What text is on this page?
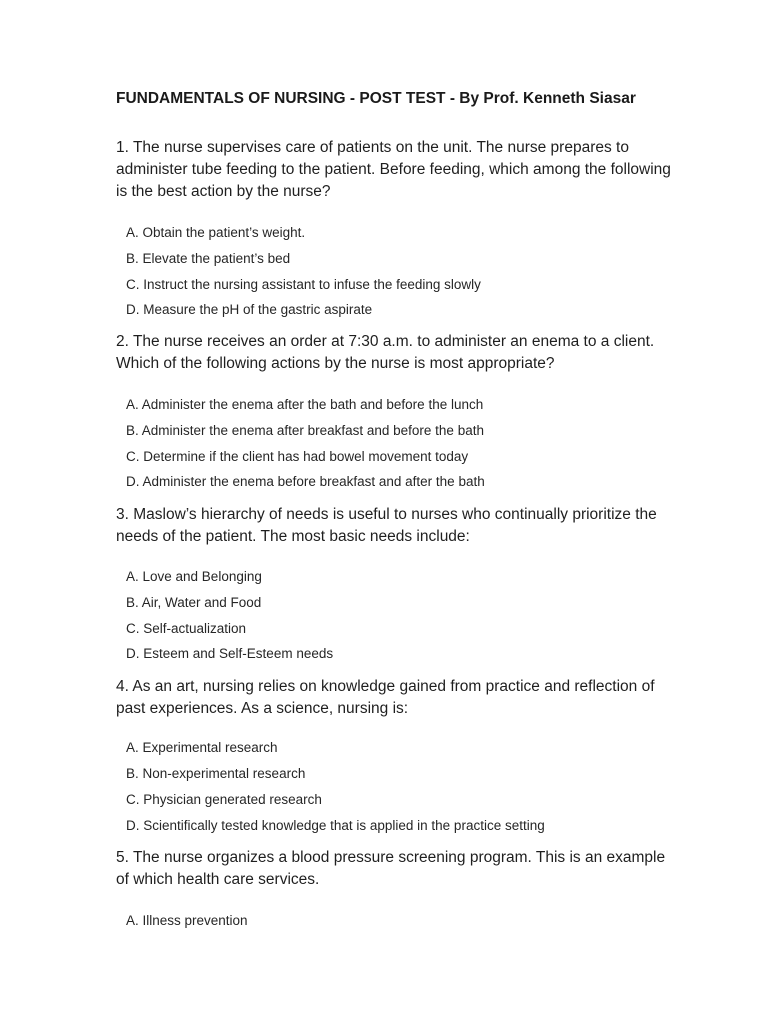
FUNDAMENTALS OF NURSING - POST TEST - By Prof. Kenneth Siasar
1. The nurse supervises care of patients on the unit. The nurse prepares to administer tube feeding to the patient. Before feeding, which among the following is the best action by the nurse?
A. Obtain the patient’s weight.
B. Elevate the patient’s bed
C. Instruct the nursing assistant to infuse the feeding slowly
D. Measure the pH of the gastric aspirate
2. The nurse receives an order at 7:30 a.m. to administer an enema to a client. Which of the following actions by the nurse is most appropriate?
A. Administer the enema after the bath and before the lunch
B. Administer the enema after breakfast and before the bath
C. Determine if the client has had bowel movement today
D. Administer the enema before breakfast and after the bath
3. Maslow’s hierarchy of needs is useful to nurses who continually prioritize the needs of the patient. The most basic needs include:
A. Love and Belonging
B. Air, Water and Food
C. Self-actualization
D. Esteem and Self-Esteem needs
4. As an art, nursing relies on knowledge gained from practice and reflection of past experiences. As a science, nursing is:
A. Experimental research
B. Non-experimental research
C. Physician generated research
D. Scientifically tested knowledge that is applied in the practice setting
5. The nurse organizes a blood pressure screening program. This is an example of which health care services.
A. Illness prevention
